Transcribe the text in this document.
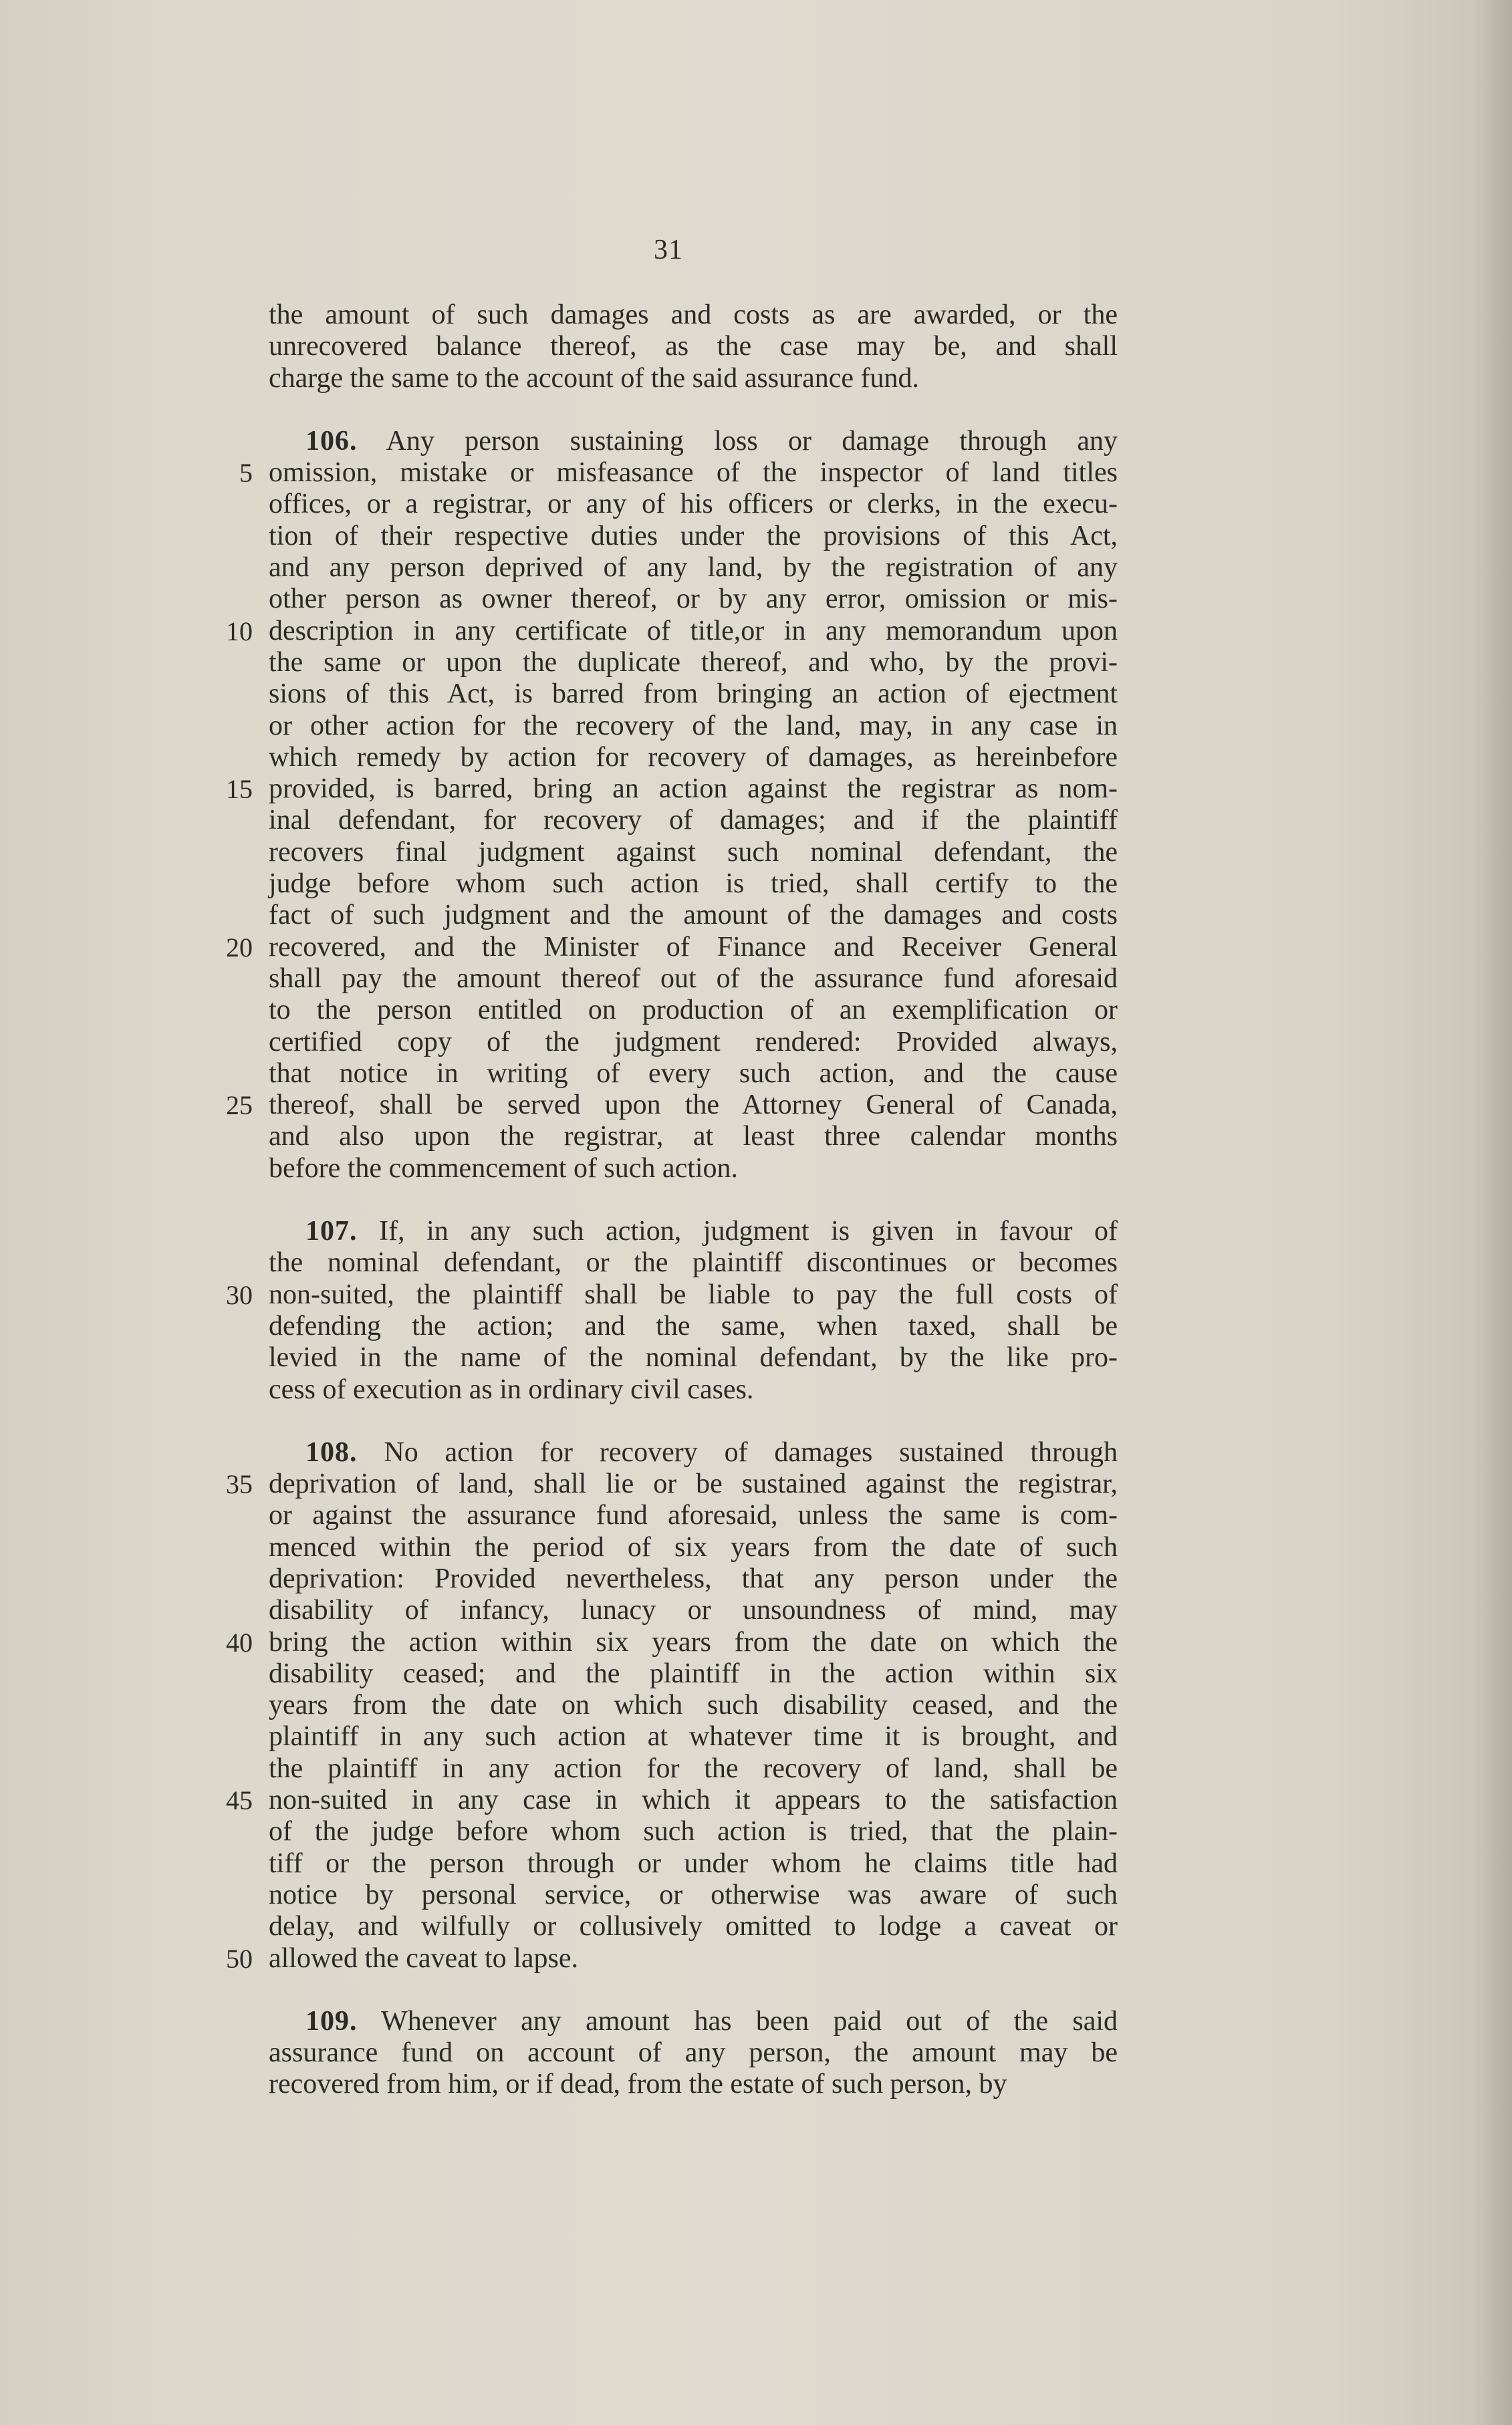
31
the amount of such damages and costs as are awarded, or the
unrecovered balance thereof, as the case may be, and shall
charge the same to the account of the said assurance fund.
106. Any person sustaining loss or damage through any
5 omission, mistake or misfeasance of the inspector of land titles
offices, or a registrar, or any of his officers or clerks, in the execu-
tion of their respective duties under the provisions of this Act,
and any person deprived of any land, by the registration of any
other person as owner thereof, or by any error, omission or mis-
10 description in any certificate of title,or in any memorandum upon
the same or upon the duplicate thereof, and who, by the provi-
sions of this Act, is barred from bringing an action of ejectment
or other action for the recovery of the land, may, in any case in
which remedy by action for recovery of damages, as hereinbefore
15 provided, is barred, bring an action against the registrar as nom-
inal defendant, for recovery of damages; and if the plaintiff
recovers final judgment against such nominal defendant, the
judge before whom such action is tried, shall certify to the
fact of such judgment and the amount of the damages and costs
20 recovered, and the Minister of Finance and Receiver General
shall pay the amount thereof out of the assurance fund aforesaid
to the person entitled on production of an exemplification or
certified copy of the judgment rendered: Provided always,
that notice in writing of every such action, and the cause
25 thereof, shall be served upon the Attorney General of Canada,
and also upon the registrar, at least three calendar months
before the commencement of such action.
107. If, in any such action, judgment is given in favour of
the nominal defendant, or the plaintiff discontinues or becomes
30 non-suited, the plaintiff shall be liable to pay the full costs of
defending the action; and the same, when taxed, shall be
levied in the name of the nominal defendant, by the like pro-
cess of execution as in ordinary civil cases.
108. No action for recovery of damages sustained through
35 deprivation of land, shall lie or be sustained against the registrar,
or against the assurance fund aforesaid, unless the same is com-
menced within the period of six years from the date of such
deprivation: Provided nevertheless, that any person under the
disability of infancy, lunacy or unsoundness of mind, may
40 bring the action within six years from the date on which the
disability ceased; and the plaintiff in the action within six
years from the date on which such disability ceased, and the
plaintiff in any such action at whatever time it is brought, and
the plaintiff in any action for the recovery of land, shall be
45 non-suited in any case in which it appears to the satisfaction
of the judge before whom such action is tried, that the plain-
tiff or the person through or under whom he claims title had
notice by personal service, or otherwise was aware of such
delay, and wilfully or collusively omitted to lodge a caveat or
50 allowed the caveat to lapse.
109. Whenever any amount has been paid out of the said
assurance fund on account of any person, the amount may be
recovered from him, or if dead, from the estate of such person, by
